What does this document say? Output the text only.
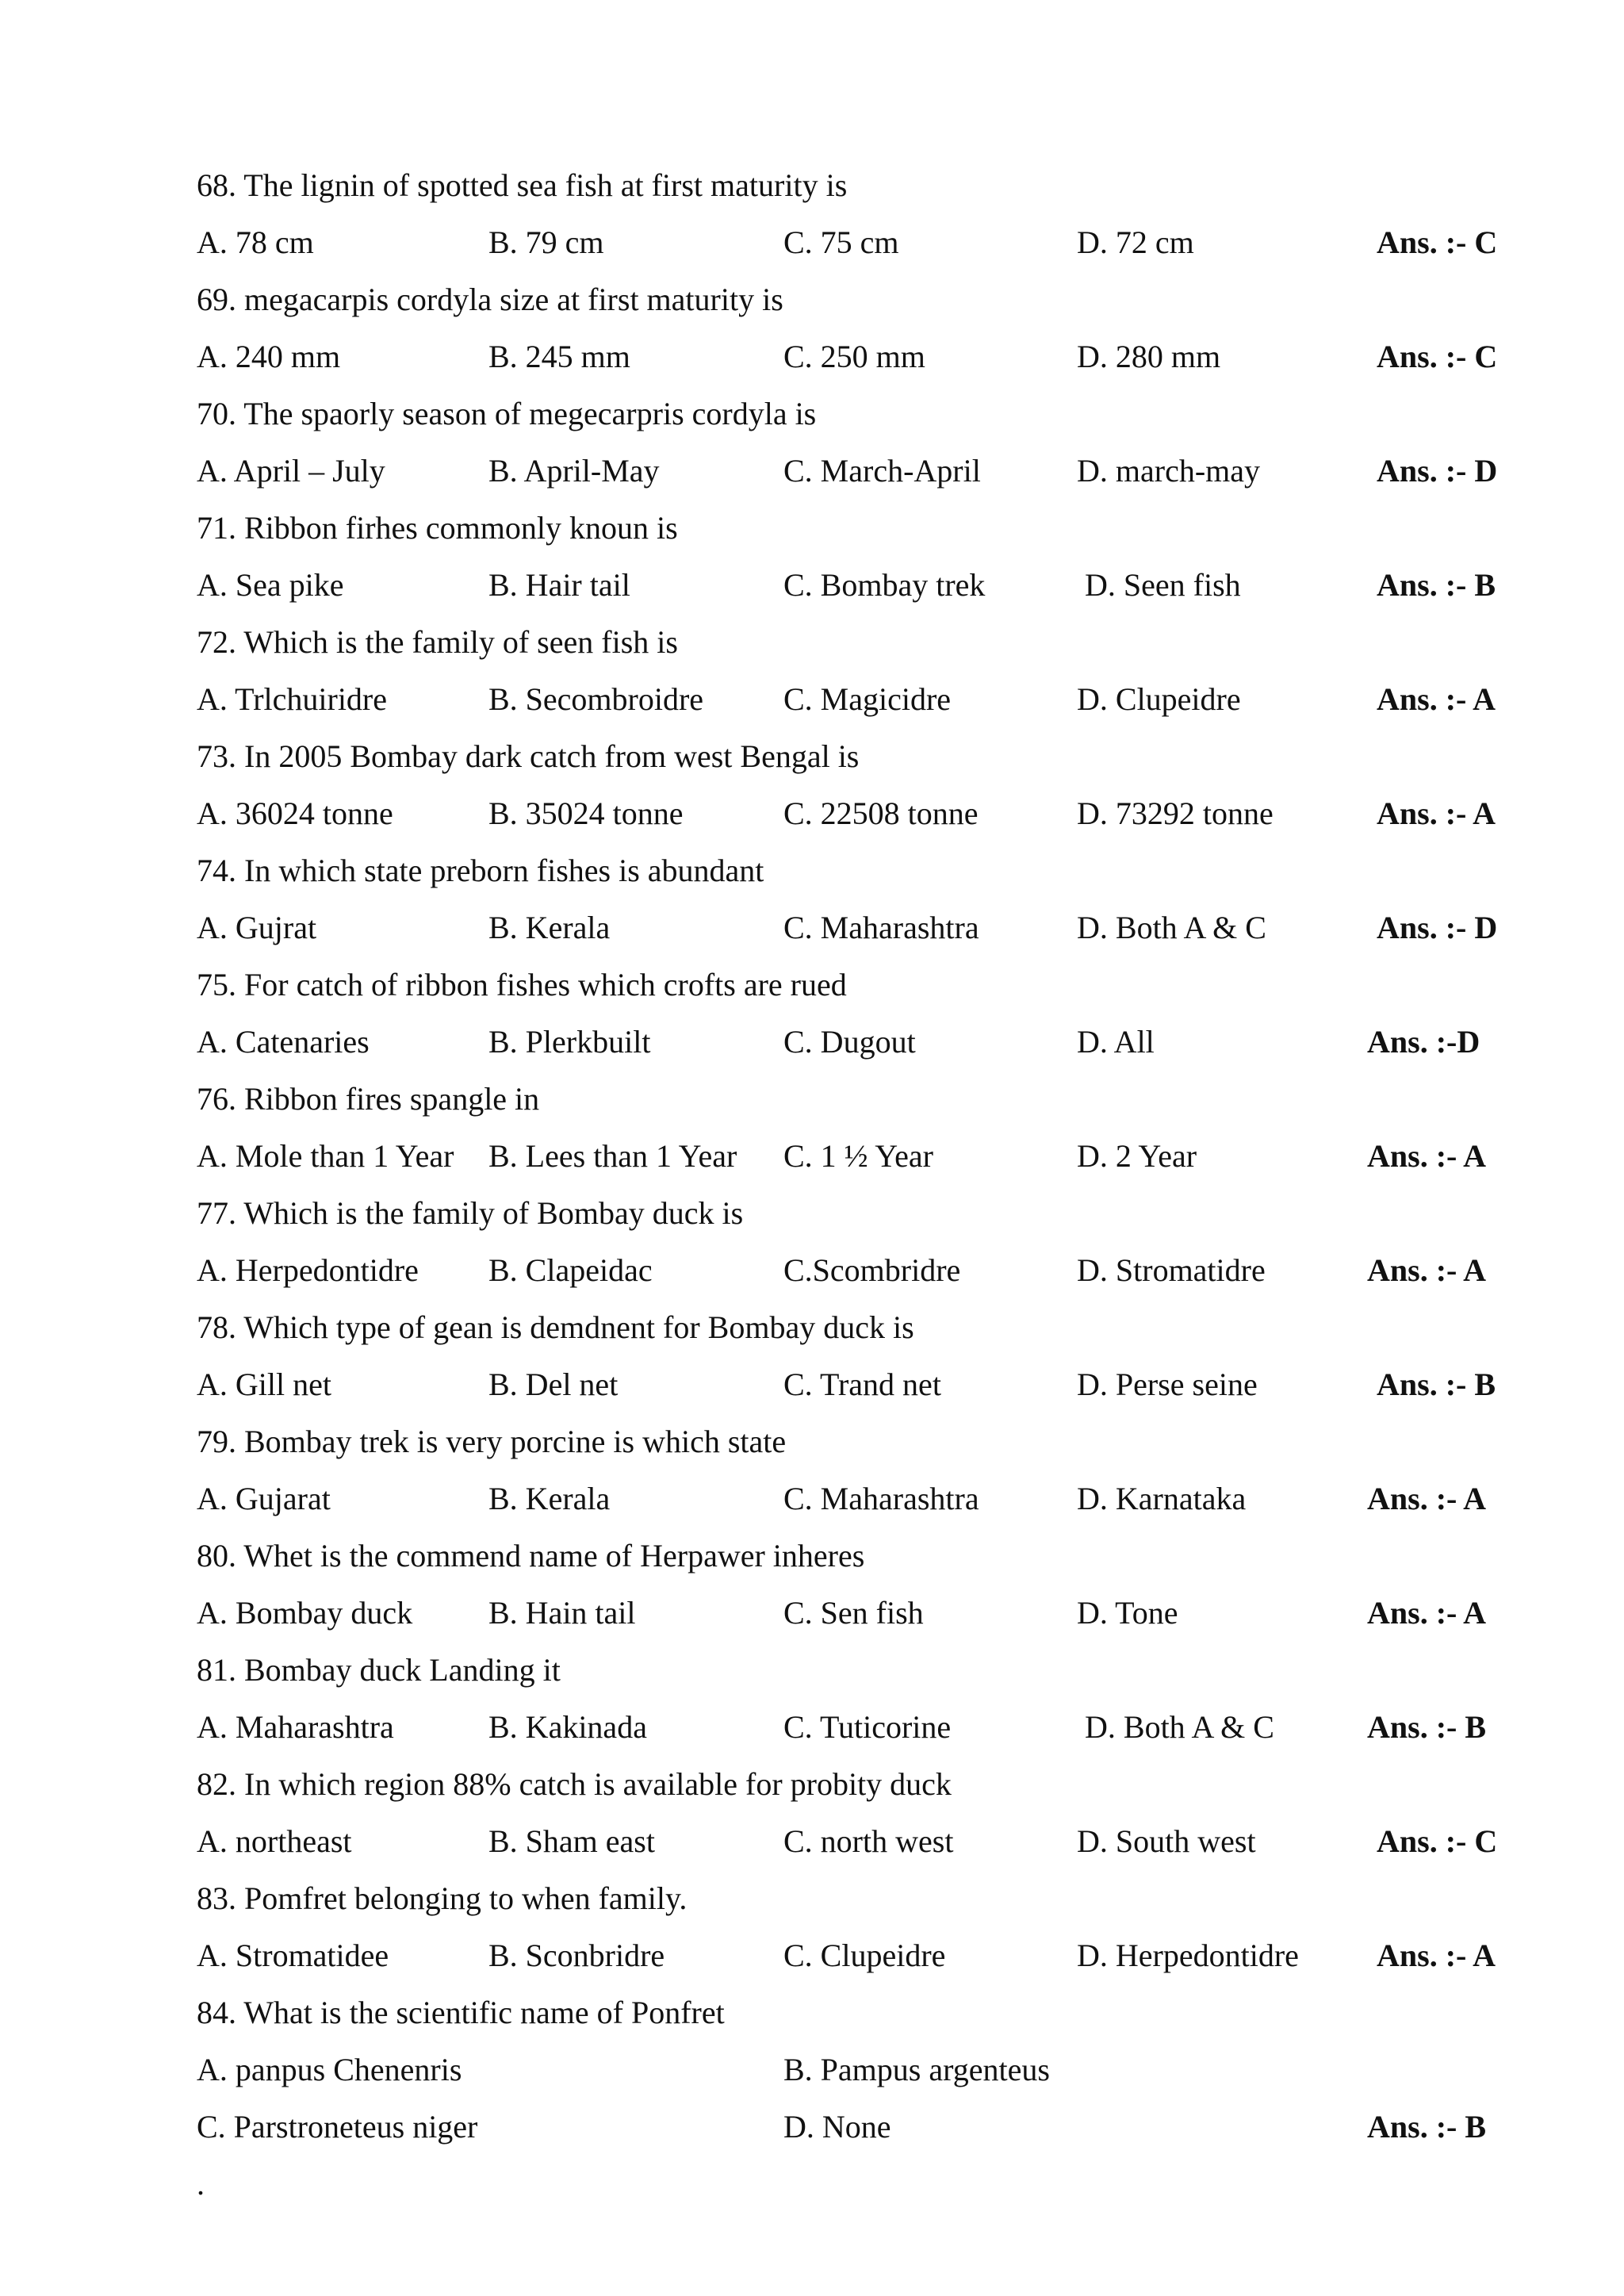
68. The lignin of spotted sea fish at first maturity is
A. 78 cm	B. 79 cm	C. 75 cm	D. 72 cm	Ans. :- C
69. megacarpis cordyla size at first maturity is
A. 240 mm	B. 245 mm	C. 250 mm	D. 280 mm	Ans. :- C
70. The spaorly season of megecarpris cordyla is
A. April – July	B. April-May	C. March-April	D. march-may	Ans. :- D
71. Ribbon firhes commonly knoun is
A. Sea pike	B. Hair tail	C. Bombay trek	D. Seen fish	Ans. :- B
72. Which is the family of seen fish is
A. Trlchuiridre	B. Secombroidre	C. Magicidre	D. Clupeidre	Ans. :- A
73. In 2005 Bombay dark catch from west Bengal is
A. 36024 tonne	B. 35024 tonne	C. 22508 tonne	D. 73292 tonne	Ans. :- A
74. In which state preborn fishes is abundant
A. Gujrat	B. Kerala	C. Maharashtra	D. Both A & C	Ans. :- D
75. For catch of ribbon fishes which crofts are rued
A. Catenaries	B. Plerkbuilt	C. Dugout	D. All	Ans. :-D
76. Ribbon fires spangle in
A. Mole than 1 Year B. Lees than 1 Year C. 1 ½ Year	D. 2 Year	Ans. :- A
77. Which is the family of Bombay duck is
A. Herpedontidre B. Clapeidac	C.Scombridre	D. Stromatidre	Ans. :- A
78. Which type of gean is demdnent for Bombay duck is
A. Gill net	B. Del net	C. Trand net	D. Perse seine	Ans. :- B
79. Bombay trek is very porcine is which state
A. Gujarat	B. Kerala	C. Maharashtra	D. Karnataka	Ans. :- A
80. Whet is the commend name of Herpawer inheres
A. Bombay duck B. Hain tail	C. Sen fish	D. Tone	Ans. :- A
81. Bombay duck Landing it
A. Maharashtra	B. Kakinada	C. Tuticorine	D. Both A & C	Ans. :- B
82. In which region 88% catch is available for probity duck
A. northeast	B. Sham east	C. north west	D. South west	Ans. :- C
83. Pomfret belonging to when family.
A. Stromatidee	B. Sconbridre	C. Clupeidre	D. Herpedontidre Ans. :- A
84. What is the scientific name of Ponfret
A. panpus Chenenris	B. Pampus argenteus
C. Parstroneteus niger	D. None	Ans. :- B
.
